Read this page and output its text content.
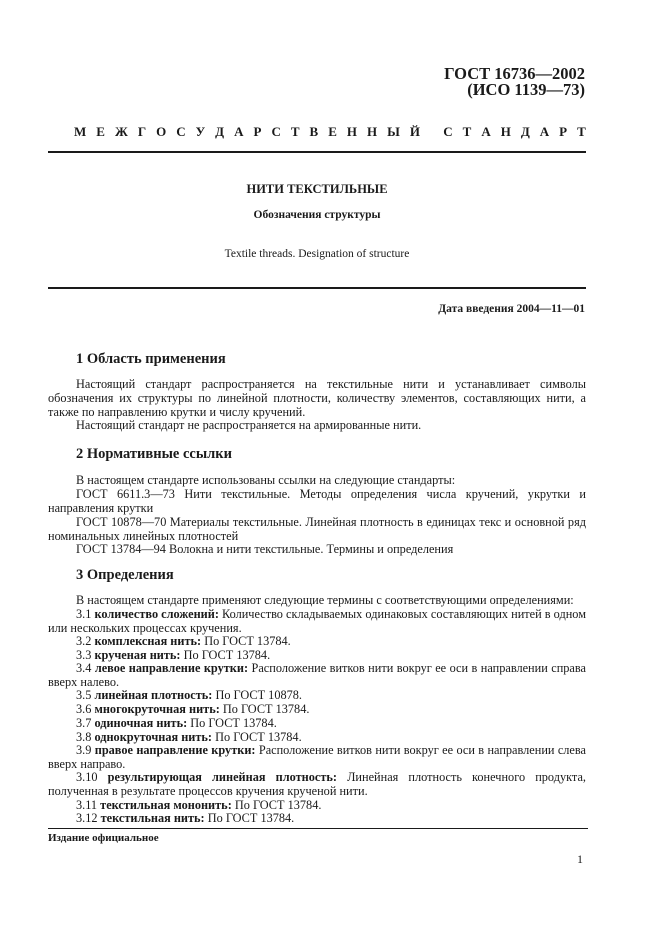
ГОСТ 16736—2002
(ИСО 1139—73)
М Е Ж Г О С У Д А Р С Т В Е Н Н Ы Й
С Т А Н Д А Р Т
НИТИ ТЕКСТИЛЬНЫЕ
Обозначения структуры
Textile threads. Designation of structure
Дата введения 2004—11—01
1 Область применения

Настоящий стандарт распространяется на текстильные нити и устанавливает символы обозначения их структуры по линейной плотности, количеству элементов, составляющих нити, а также по направлению крутки и числу кручений.

Настоящий стандарт не распространяется на армированные нити.

2 Нормативные ссылки

В настоящем стандарте использованы ссылки на следующие стандарты:

ГОСТ 6611.3—73 Нити текстильные. Методы определения числа кручений, укрутки и направления крутки

ГОСТ 10878—70 Материалы текстильные. Линейная плотность в единицах текс и основной ряд номинальных линейных плотностей

ГОСТ 13784—94 Волокна и нити текстильные. Термины и определения

3 Определения

В настоящем стандарте применяют следующие термины с соответствующими определениями:

3.1 количество сложений: Количество складываемых одинаковых составляющих нитей в одном или нескольких процессах кручения.

3.2 комплексная нить: По ГОСТ 13784.

3.3 крученая нить: По ГОСТ 13784.

3.4 левое направление крутки: Расположение витков нити вокруг ее оси в направлении справа вверх налево.

3.5 линейная плотность: По ГОСТ 10878.

3.6 многокруточная нить: По ГОСТ 13784.

3.7 одиночная нить: По ГОСТ 13784.

3.8 однокруточная нить: По ГОСТ 13784.

3.9 правое направление крутки: Расположение витков нити вокруг ее оси в направлении слева вверх направо.

3.10 результирующая линейная плотность: Линейная плотность конечного продукта, полученная в результате процессов кручения крученой нити.

3.11 текстильная мононить: По ГОСТ 13784.

3.12 текстильная нить: По ГОСТ 13784.

Издание официальное
1
